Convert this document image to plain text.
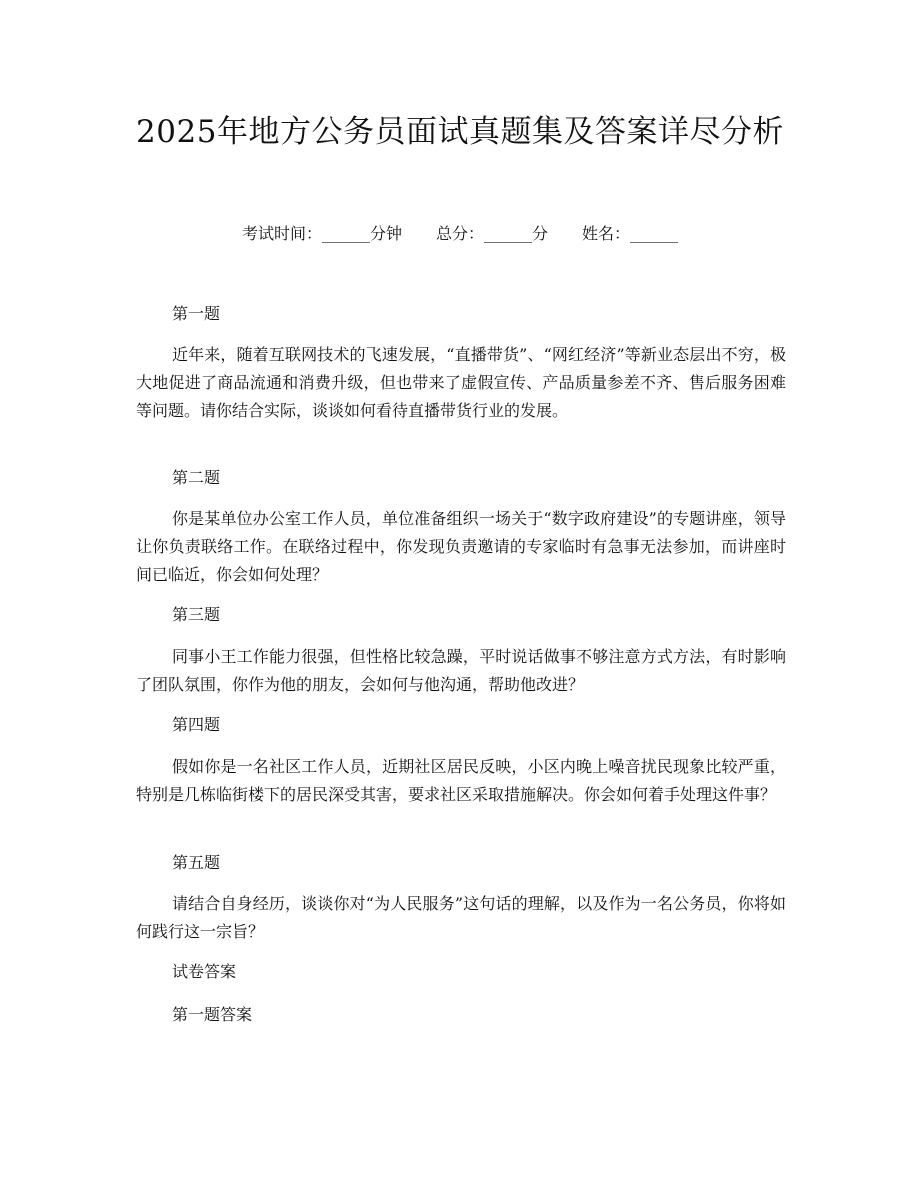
2025年地方公务员面试真题集及答案详尽分析
考试时间：______分钟 总分：______分 姓名：______
第一题
近年来，随着互联网技术的飞速发展，“直播带货”、“网红经济”等新业态层出不穷，极大地促进了商品流通和消费升级，但也带来了虚假宣传、产品质量参差不齐、售后服务困难等问题。请你结合实际，谈谈如何看待直播带货行业的发展。
第二题
你是某单位办公室工作人员，单位准备组织一场关于“数字政府建设”的专题讲座，领导让你负责联络工作。在联络过程中，你发现负责邀请的专家临时有急事无法参加，而讲座时间已临近，你会如何处理？
第三题
同事小王工作能力很强，但性格比较急躁，平时说话做事不够注意方式方法，有时影响了团队氛围，你作为他的朋友，会如何与他沟通，帮助他改进？
第四题
假如你是一名社区工作人员，近期社区居民反映，小区内晚上噪音扰民现象比较严重，特别是几栋临街楼下的居民深受其害，要求社区采取措施解决。你会如何着手处理这件事？
第五题
请结合自身经历，谈谈你对“为人民服务”这句话的理解，以及作为一名公务员，你将如何践行这一宗旨？
试卷答案
第一题答案
